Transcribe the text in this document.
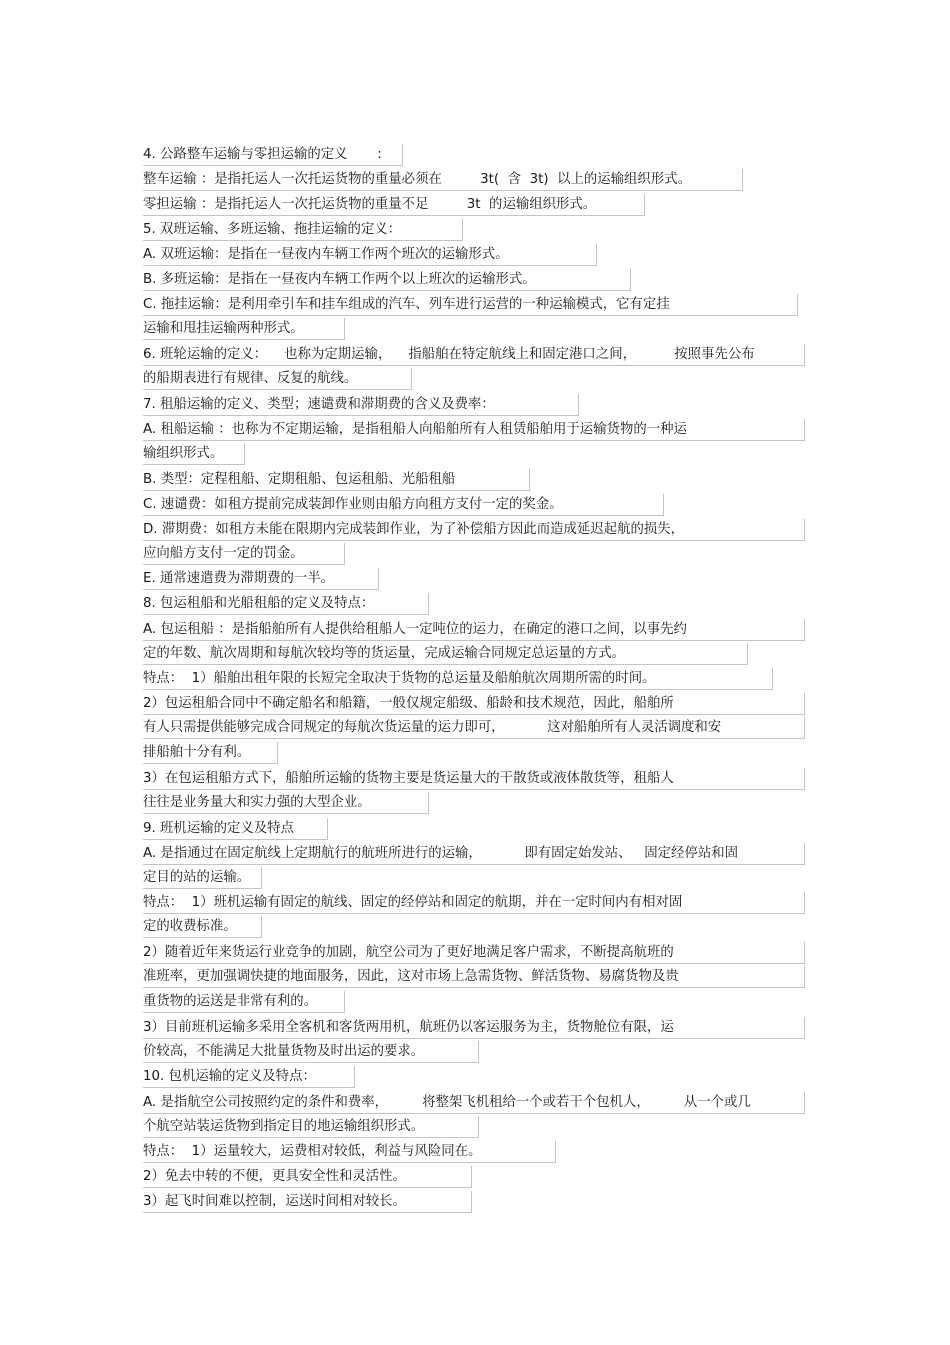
4. 公路整车运输与零担运输的定义       :
整车运输 ：是指托运人一次托运货物的重量必须在         3t(  含  3t)  以上的运输组织形式。
零担运输 ：是指托运人一次托运货物的重量不足         3t  的运输组织形式。
5. 双班运输、多班运输、拖挂运输的定义：
A. 双班运输：是指在一昼夜内车辆工作两个班次的运输形式。
B. 多班运输：是指在一昼夜内车辆工作两个以上班次的运输形式。
C. 拖挂运输：是利用牵引车和挂车组成的汽车、列车进行运营的一种运输模式，它有定挂
运输和甩挂运输两种形式。
6. 班轮运输的定义：    也称为定期运输，    指船舶在特定航线上和固定港口之间，         按照事先公布
的船期表进行有规律、反复的航线。
7. 租船运输的定义、类型；速谴费和滞期费的含义及费率：
A. 租船运输 ：也称为不定期运输，是指租船人向船舶所有人租赁船舶用于运输货物的一种运
输组织形式。
B. 类型：定程租船、定期租船、包运租船、光船租船
C. 速谴费：如租方提前完成装卸作业则由船方向租方支付一定的奖金。
D. 滞期费：如租方未能在限期内完成装卸作业，为了补偿船方因此而造成延迟起航的损失，
应向船方支付一定的罚金。
E. 通常速遣费为滞期费的一半。
8. 包运租船和光船租船的定义及特点：
A. 包运租船 ：是指船舶所有人提供给租船人一定吨位的运力，在确定的港口之间，以事先约
定的年数、航次周期和每航次较均等的货运量，完成运输合同规定总运量的方式。
特点：  1）船舶出租年限的长短完全取决于货物的总运量及船舶航次周期所需的时间。
2）包运租船合同中不确定船名和船籍，一般仅规定船级、船龄和技术规范，因此，船舶所
有人只需提供能够完成合同规定的每航次货运量的运力即可，          这对船舶所有人灵活调度和安
排船舶十分有利。
3）在包运租船方式下，船舶所运输的货物主要是货运量大的干散货或液体散货等，租船人
往往是业务量大和实力强的大型企业。
9. 班机运输的定义及特点
A. 是指通过在固定航线上定期航行的航班所进行的运输，          即有固定始发站、   固定经停站和固
定目的站的运输。
特点：  1）班机运输有固定的航线、固定的经停站和固定的航期，并在一定时间内有相对固
定的收费标准。
2）随着近年来货运行业竞争的加剧，航空公司为了更好地满足客户需求，不断提高航班的
准班率，更加强调快捷的地面服务，因此，这对市场上急需货物、鲜活货物、易腐货物及贵
重货物的运送是非常有利的。
3）目前班机运输多采用全客机和客货两用机，航班仍以客运服务为主，货物舱位有限，运
价较高，不能满足大批量货物及时出运的要求。
10. 包机运输的定义及特点：
A. 是指航空公司按照约定的条件和费率，        将整架飞机租给一个或若干个包机人，        从一个或几
个航空站装运货物到指定目的地运输组织形式。
特点：  1）运量较大，运费相对较低，利益与风险同在。
2）免去中转的不便，更具安全性和灵活性。
3）起飞时间难以控制，运送时间相对较长。
